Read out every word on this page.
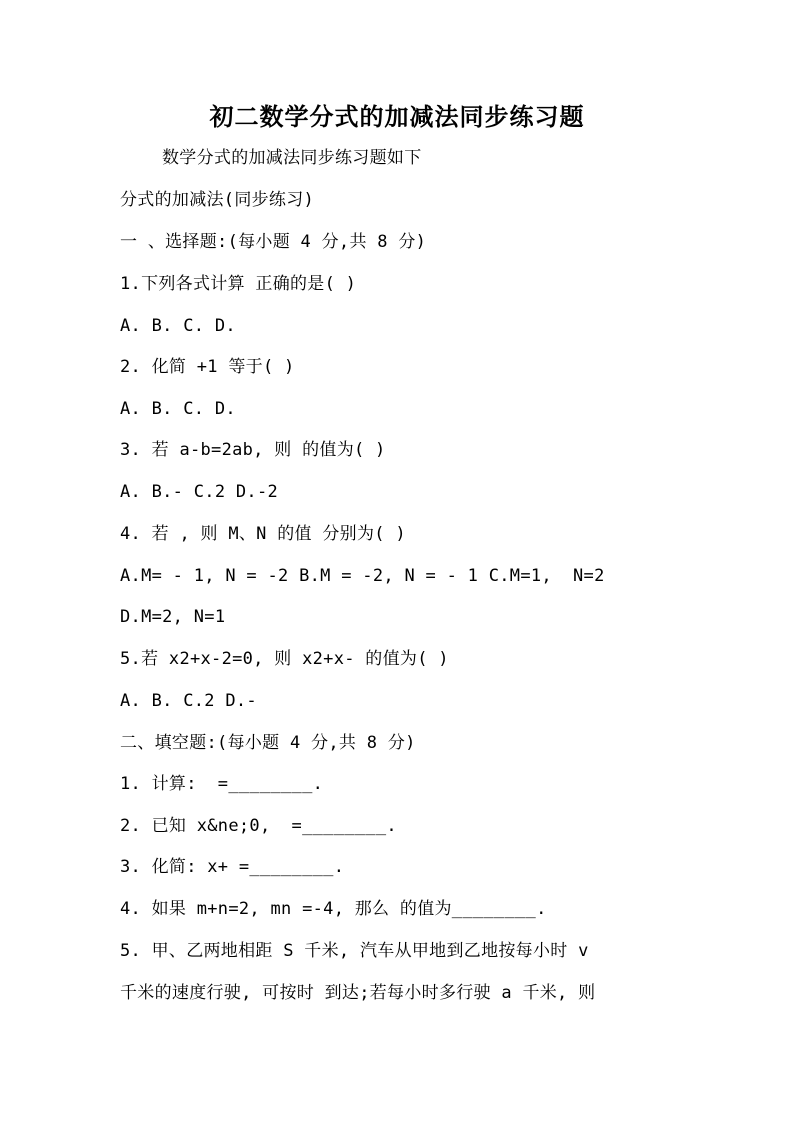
初二数学分式的加减法同步练习题
数学分式的加减法同步练习题如下
分式的加减法(同步练习)
一 、选择题:(每小题 4 分,共 8 分)
1.下列各式计算 正确的是( )
A. B. C. D.
2. 化简 +1 等于( )
A. B. C. D.
3. 若 a-b=2ab, 则 的值为( )
A. B.- C.2 D.-2
4. 若 , 则 M、N 的值 分别为( )
A.M= - 1, N = -2 B.M = -2, N = - 1 C.M=1,  N=2
D.M=2, N=1
5.若 x2+x-2=0, 则 x2+x- 的值为( )
A. B. C.2 D.-
二、填空题:(每小题 4 分,共 8 分)
1. 计算:  =________.
2. 已知 x&ne;0,  =________.
3. 化简: x+ =________.
4. 如果 m+n=2, mn =-4, 那么 的值为________.
5. 甲、乙两地相距 S 千米, 汽车从甲地到乙地按每小时 v
千米的速度行驶, 可按时 到达;若每小时多行驶 a 千米, 则
